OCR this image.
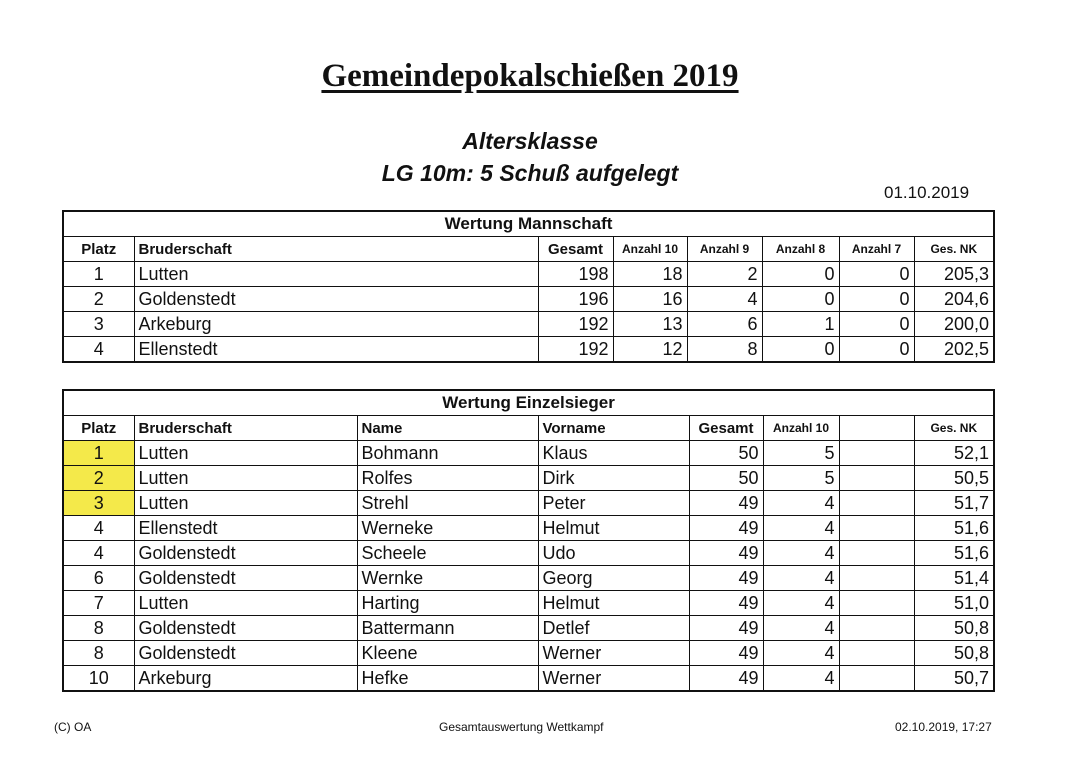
Gemeindepokalschießen 2019
Altersklasse
LG 10m: 5 Schuß aufgelegt
01.10.2019
Wertung Mannschaft							
Platz	Bruderschaft	Gesamt	Anzahl 10	Anzahl 9	Anzahl 8	Anzahl 7	Ges. NK
1	Lutten	198	18	2	0	0	205,3
2	Goldenstedt	196	16	4	0	0	204,6
3	Arkeburg	192	13	6	1	0	200,0
4	Ellenstedt	192	12	8	0	0	202,5
Wertung Einzelsieger							
Platz	Bruderschaft	Name	Vorname	Gesamt	Anzahl 10		Ges. NK
1	Lutten	Bohmann	Klaus	50	5		52,1
2	Lutten	Rolfes	Dirk	50	5		50,5
3	Lutten	Strehl	Peter	49	4		51,7
4	Ellenstedt	Werneke	Helmut	49	4		51,6
4	Goldenstedt	Scheele	Udo	49	4		51,6
6	Goldenstedt	Wernke	Georg	49	4		51,4
7	Lutten	Harting	Helmut	49	4		51,0
8	Goldenstedt	Battermann	Detlef	49	4		50,8
8	Goldenstedt	Kleene	Werner	49	4		50,8
10	Arkeburg	Hefke	Werner	49	4		50,7
(C) OA	Gesamtauswertung Wettkampf	02.10.2019, 17:27
